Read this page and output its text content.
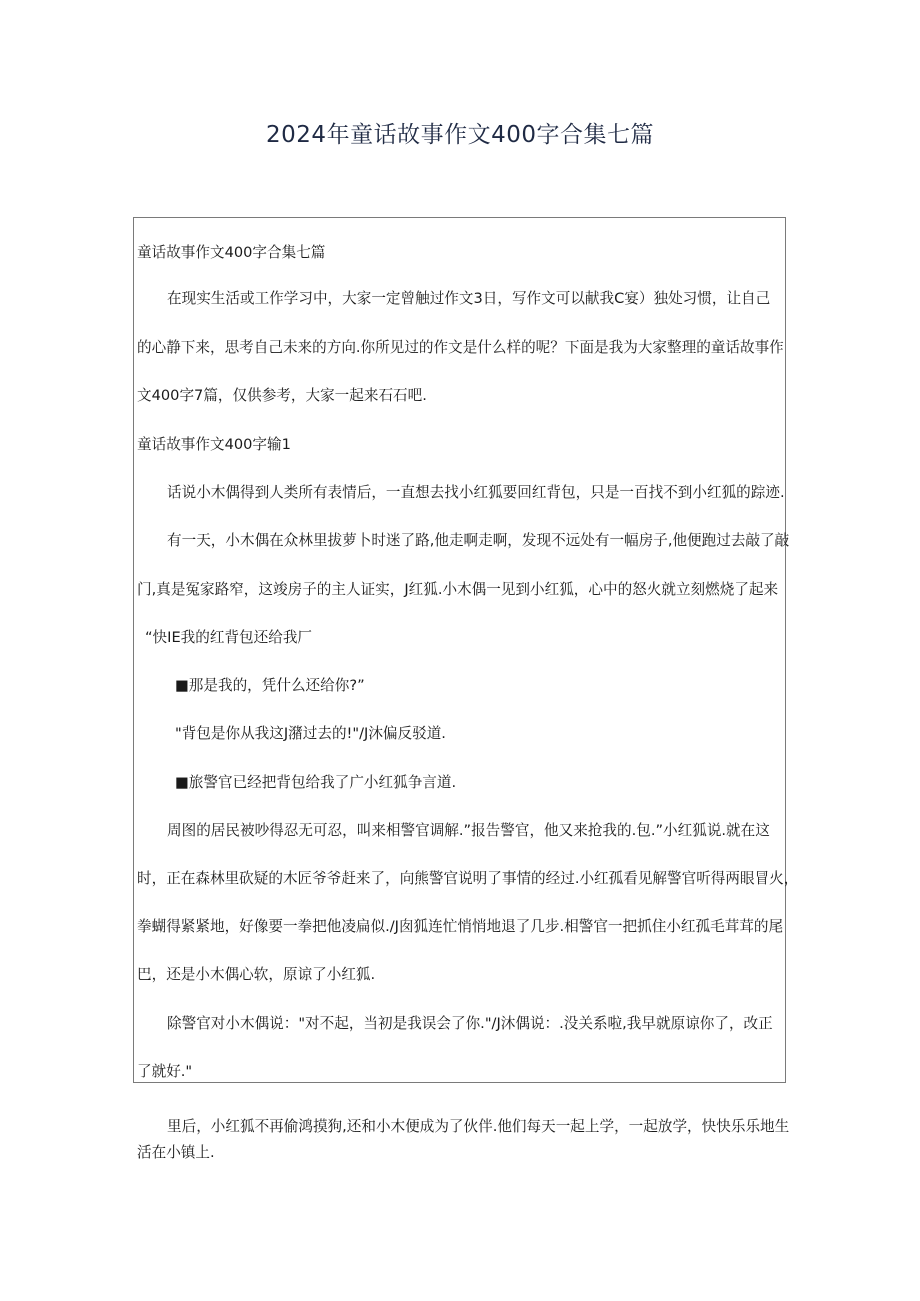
2024年童话故事作文400字合集七篇
童话故事作文400字合集七篇
在现实生活或工作学习中，大家一定曾触过作文3日，写作文可以献我C宴）独处习惯，让自己
的心静下来，思考自己未来的方向.你所见过的作文是什么样的呢？下面是我为大家整理的童话故事作
文400字7篇，仅供参考，大家一起来石石吧.
童话故事作文400字输1
话说小木偶得到人类所有表情后，一直想去找小红狐要回红背包，只是一百找不到小红狐的踪迹.
有一天，小木偶在众林里拔萝卜时迷了路,他走啊走啊，发现不远处有一幅房子,他便跑过去敲了敲
门,真是冤家路窄，这竣房子的主人证实，J红狐.小木偶一见到小红狐，心中的怒火就立刻燃烧了起来
“快IE我的红背包还给我厂
■那是我的，凭什么还给你?”
"背包是你从我这J潴过去的!"/J沐偏反驳道.
■旅警官已经把背包给我了广小红狐争言道.
周图的居民被吵得忍无可忍，叫来相警官调解.”报告警官，他又来抢我的.包.”小红狐说.就在这
时，正在森林里砍疑的木匠爷爷赶来了，向熊警官说明了事情的经过.小红孤看见解警官听得两眼冒火，
拳蝴得紧紧地，好像要一拳把他凌扁似./J囱狐连忙悄悄地退了几步.相警官一把抓住小红孤毛茸茸的尾
巴，还是小木偶心软，原谅了小红狐.
除警官对小木偶说："对不起，当初是我误会了你."/J沐偶说：.没关系啦,我早就原谅你了，改正
了就好."
里后，小红狐不再偷鸿摸狗,还和小木便成为了伙伴.他们每天一起上学，一起放学，快快乐乐地生
活在小镇上.
